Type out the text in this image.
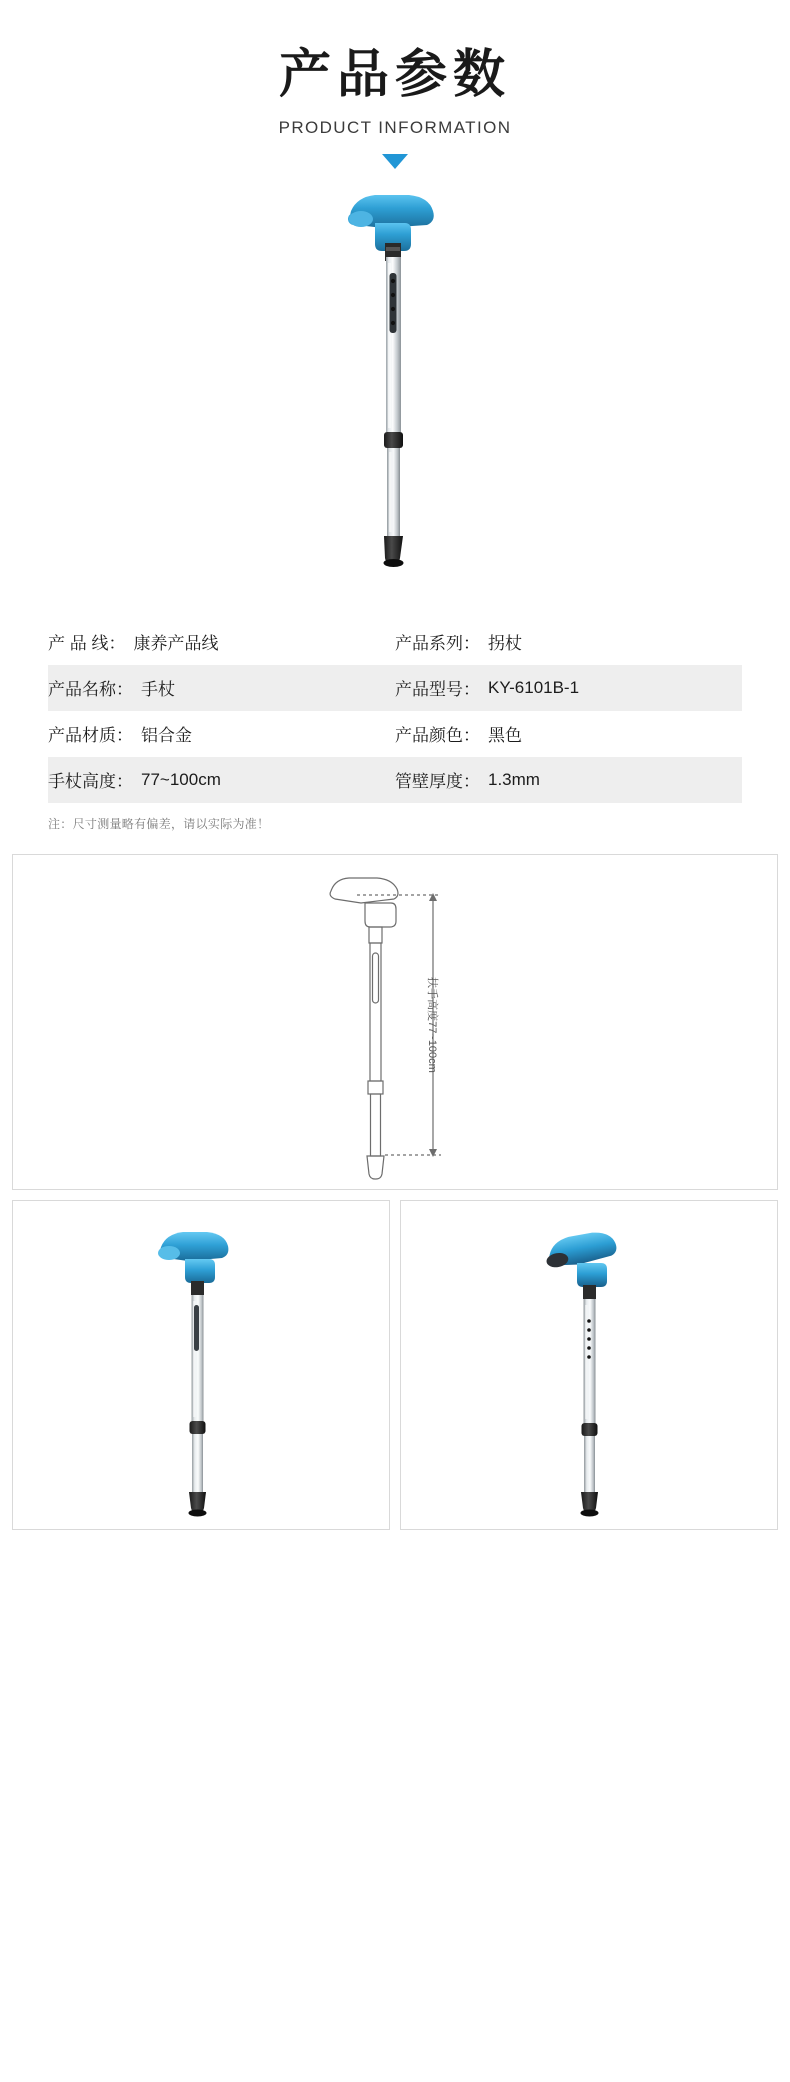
产品参数
PRODUCT INFORMATION
产 品 线： 康养产品线	产品系列： 拐杖

产品名称： 手杖	产品型号： KY-6101B-1

产品材质： 铝合金	产品颜色： 黑色

手杖高度： 77~100cm	管壁厚度： 1.3mm
注：尺寸测量略有偏差，请以实际为准！
扶手高度77~100cm
